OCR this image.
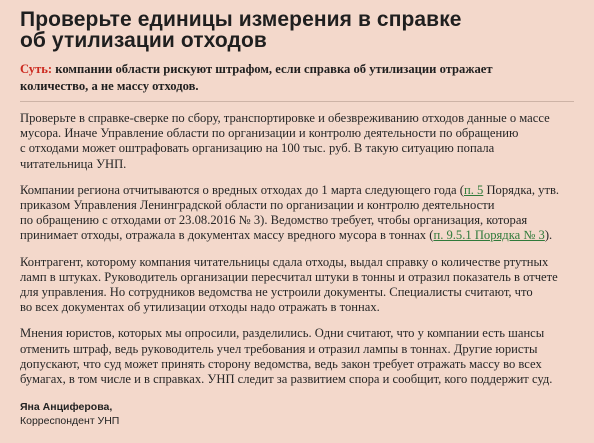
Проверьте единицы измерения в справке
об утилизации отходов
Суть: компании области рискуют штрафом, если справка об утилизации отражает
количество, а не массу отходов.

Проверьте в справке-сверке по сбору, транспортировке и обезвреживанию отходов данные о массе
мусора. Иначе Управление области по организации и контролю деятельности по обращению
с отходами может оштрафовать организацию на 100 тыс. руб. В такую ситуацию попала
читательница УНП.

Компании региона отчитываются о вредных отходах до 1 марта следующего года (п. 5 Порядка, утв.
приказом Управления Ленинградской области по организации и контролю деятельности
по обращению с отходами от 23.08.2016 № 3). Ведомство требует, чтобы организация, которая
принимает отходы, отражала в документах массу вредного мусора в тоннах (п. 9.5.1 Порядка № 3).

Контрагент, которому компания читательницы сдала отходы, выдал справку о количестве ртутных
ламп в штуках. Руководитель организации пересчитал штуки в тонны и отразил показатель в отчете
для управления. Но сотрудников ведомства не устроили документы. Специалисты считают, что
во всех документах об утилизации отходы надо отражать в тоннах.

Мнения юристов, которых мы опросили, разделились. Одни считают, что у компании есть шансы
отменить штраф, ведь руководитель учел требования и отразил лампы в тоннах. Другие юристы
допускают, что суд может принять сторону ведомства, ведь закон требует отражать массу во всех
бумагах, в том числе и в справках. УНП следит за развитием спора и сообщит, кого поддержит суд.

Яна Анциферова,
Корреспондент УНП
